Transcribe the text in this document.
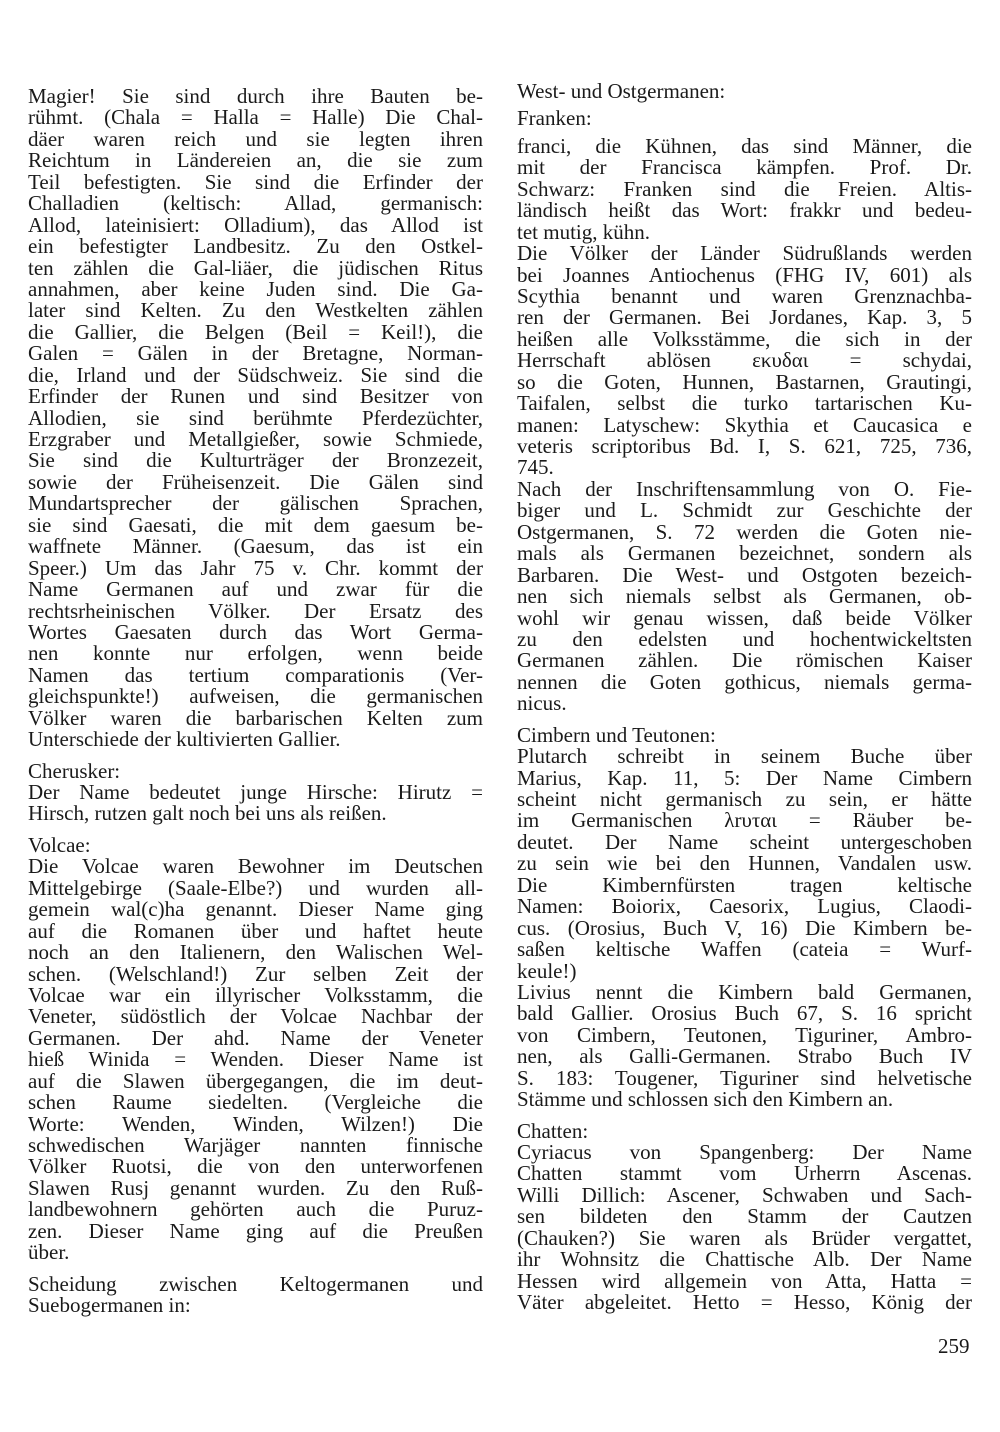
Magier! Sie sind durch ihre Bauten be-
rühmt. (Chala = Halla = Halle) Die Chal-
däer waren reich und sie legten ihren
Reichtum in Ländereien an, die sie zum
Teil befestigten. Sie sind die Erfinder der
Challadien (keltisch: Allad, germanisch:
Allod, lateinisiert: Olladium), das Allod ist
ein befestigter Landbesitz. Zu den Ostkel-
ten zählen die Gal-liäer, die jüdischen Ritus
annahmen, aber keine Juden sind. Die Ga-
later sind Kelten. Zu den Westkelten zählen
die Gallier, die Belgen (Beil = Keil!), die
Galen = Gälen in der Bretagne, Norman-
die, Irland und der Südschweiz. Sie sind die
Erfinder der Runen und sind Besitzer von
Allodien, sie sind berühmte Pferdezüchter,
Erzgraber und Metallgießer, sowie Schmiede,
Sie sind die Kulturträger der Bronzezeit,
sowie der Früheisenzeit. Die Gälen sind
Mundartsprecher der gälischen Sprachen,
sie sind Gaesati, die mit dem gaesum be-
waffnete Männer. (Gaesum, das ist ein
Speer.) Um das Jahr 75 v. Chr. kommt der
Name Germanen auf und zwar für die
rechtsrheinischen Völker. Der Ersatz des
Wortes Gaesaten durch das Wort Germa-
nen konnte nur erfolgen, wenn beide
Namen das tertium comparationis (Ver-
gleichspunkte!) aufweisen, die germanischen
Völker waren die barbarischen Kelten zum
Unterschiede der kultivierten Gallier.
Cherusker:
Der Name bedeutet junge Hirsche: Hirutz =
Hirsch, rutzen galt noch bei uns als reißen.
Volcae:
Die Volcae waren Bewohner im Deutschen
Mittelgebirge (Saale-Elbe?) und wurden all-
gemein wal(c)ha genannt. Dieser Name ging
auf die Romanen über und haftet heute
noch an den Italienern, den Walischen Wel-
schen. (Welschland!) Zur selben Zeit der
Volcae war ein illyrischer Volksstamm, die
Veneter, südöstlich der Volcae Nachbar der
Germanen. Der ahd. Name der Veneter
hieß Winida = Wenden. Dieser Name ist
auf die Slawen übergegangen, die im deut-
schen Raume siedelten. (Vergleiche die
Worte: Wenden, Winden, Wilzen!) Die
schwedischen Warjäger nannten finnische
Völker Ruotsi, die von den unterworfenen
Slawen Rusj genannt wurden. Zu den Ruß-
landbewohnern gehörten auch die Puruz-
zen. Dieser Name ging auf die Preußen
über.
Scheidung zwischen Keltogermanen und
Suebogermanen in:
West- und Ostgermanen:
Franken:
franci, die Kühnen, das sind Männer, die
mit der Francisca kämpfen. Prof. Dr.
Schwarz: Franken sind die Freien. Altis-
ländisch heißt das Wort: frakkr und bedeu-
tet mutig, kühn.
Die Völker der Länder Südrußlands werden
bei Joannes Antiochenus (FHG IV, 601) als
Scythia benannt und waren Grenznachba-
ren der Germanen. Bei Jordanes, Kap. 3, 5
heißen alle Volksstämme, die sich in der
Herrschaft ablösen εκυδαι = schydai,
so die Goten, Hunnen, Bastarnen, Grautingi,
Taifalen, selbst die turko tartarischen Ku-
manen: Latyschew: Skythia et Caucasica e
veteris scriptoribus Bd. I, S. 621, 725, 736,
745.
Nach der Inschriftensammlung von O. Fie-
biger und L. Schmidt zur Geschichte der
Ostgermanen, S. 72 werden die Goten nie-
mals als Germanen bezeichnet, sondern als
Barbaren. Die West- und Ostgoten bezeich-
nen sich niemals selbst als Germanen, ob-
wohl wir genau wissen, daß beide Völker
zu den edelsten und hochentwickeltsten
Germanen zählen. Die römischen Kaiser
nennen die Goten gothicus, niemals germa-
nicus.
Cimbern und Teutonen:
Plutarch schreibt in seinem Buche über
Marius, Kap. 11, 5: Der Name Cimbern
scheint nicht germanisch zu sein, er hätte
im Germanischen λrυται = Räuber be-
deutet. Der Name scheint untergeschoben
zu sein wie bei den Hunnen, Vandalen usw.
Die Kimbernfürsten tragen keltische
Namen: Boiorix, Caesorix, Lugius, Claodi-
cus. (Orosius, Buch V, 16) Die Kimbern be-
saßen keltische Waffen (cateia = Wurf-
keule!)
Livius nennt die Kimbern bald Germanen,
bald Gallier. Orosius Buch 67, S. 16 spricht
von Cimbern, Teutonen, Tiguriner, Ambro-
nen, als Galli-Germanen. Strabo Buch IV
S. 183: Tougener, Tiguriner sind helvetische
Stämme und schlossen sich den Kimbern an.
Chatten:
Cyriacus von Spangenberg: Der Name
Chatten stammt vom Urherrn Ascenas.
Willi Dillich: Ascener, Schwaben und Sach-
sen bildeten den Stamm der Cautzen
(Chauken?) Sie waren als Brüder vergattet,
ihr Wohnsitz die Chattische Alb. Der Name
Hessen wird allgemein von Atta, Hatta =
Väter abgeleitet. Hetto = Hesso, König der
259
